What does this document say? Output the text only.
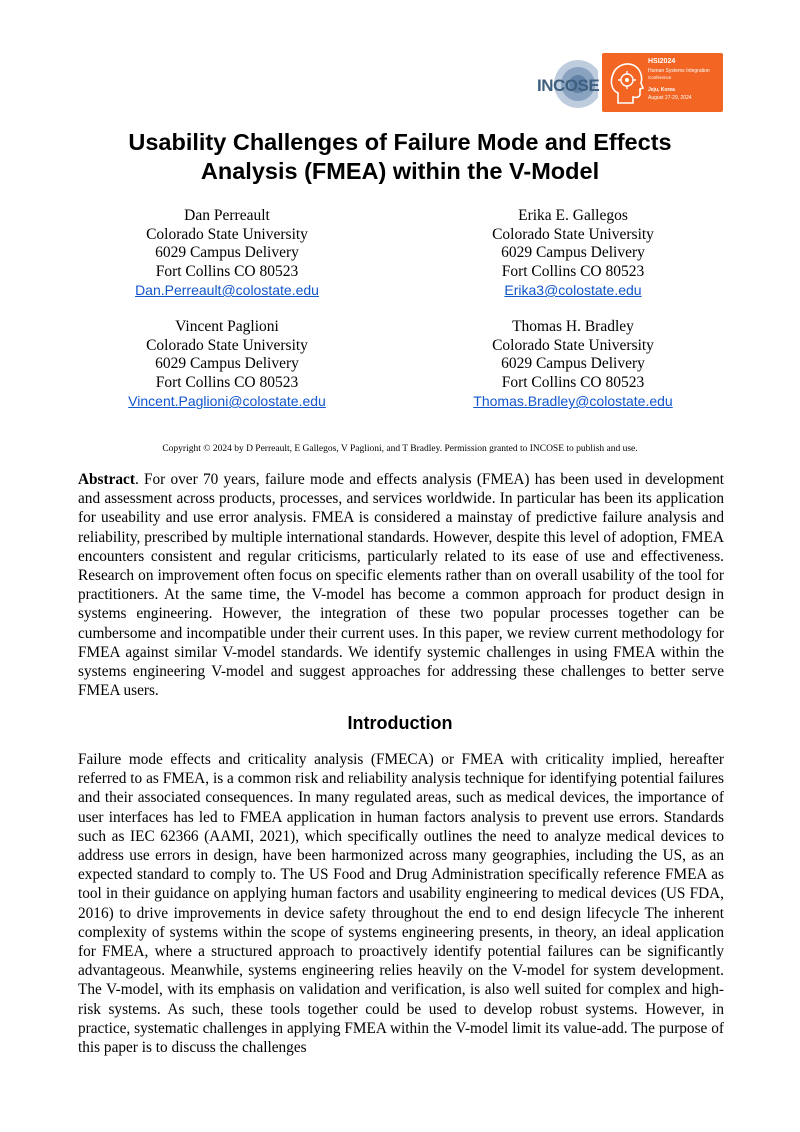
INCOSE
HSI2024
Human Systems Integration
Conference
Jeju, Korea
August 27-29, 2024
Usability Challenges of Failure Mode and Effects
Analysis (FMEA) within the V-Model
Dan Perreault
Colorado State University
6029 Campus Delivery
Fort Collins CO 80523
Dan.Perreault@colostate.edu
Erika E. Gallegos
Colorado State University
6029 Campus Delivery
Fort Collins CO 80523
Erika3@colostate.edu
Vincent Paglioni
Colorado State University
6029 Campus Delivery
Fort Collins CO 80523
Vincent.Paglioni@colostate.edu
Thomas H. Bradley
Colorado State University
6029 Campus Delivery
Fort Collins CO 80523
Thomas.Bradley@colostate.edu
Copyright © 2024 by D Perreault, E Gallegos, V Paglioni, and T Bradley. Permission granted to INCOSE to publish and use.
Abstract. For over 70 years, failure mode and effects analysis (FMEA) has been used in development and assessment across products, processes, and services worldwide. In particular has been its application for useability and use error analysis. FMEA is considered a mainstay of predictive failure analysis and reliability, prescribed by multiple international standards. However, despite this level of adoption, FMEA encounters consistent and regular criticisms, particularly related to its ease of use and effectiveness. Research on improvement often focus on specific elements rather than on overall usability of the tool for practitioners. At the same time, the V-model has become a common approach for product design in systems engineering. However, the integration of these two popular processes together can be cumbersome and incompatible under their current uses. In this paper, we review current methodology for FMEA against similar V-model standards. We identify systemic challenges in using FMEA within the systems engineering V-model and suggest approaches for addressing these challenges to better serve FMEA users.
Introduction
Failure mode effects and criticality analysis (FMECA) or FMEA with criticality implied, hereafter referred to as FMEA, is a common risk and reliability analysis technique for identifying potential failures and their associated consequences. In many regulated areas, such as medical devices, the importance of user interfaces has led to FMEA application in human factors analysis to prevent use errors. Standards such as IEC 62366 (AAMI, 2021), which specifically outlines the need to analyze medical devices to address use errors in design, have been harmonized across many geographies, including the US, as an expected standard to comply to. The US Food and Drug Administration specifically reference FMEA as tool in their guidance on applying human factors and usability engineering to medical devices (US FDA, 2016) to drive improvements in device safety throughout the end to end design lifecycle The inherent complexity of systems within the scope of systems engineering presents, in theory, an ideal application for FMEA, where a structured approach to proactively identify potential failures can be significantly advantageous. Meanwhile, systems engineering relies heavily on the V-model for system development. The V-model, with its emphasis on validation and verification, is also well suited for complex and high-risk systems. As such, these tools together could be used to develop robust systems. However, in practice, systematic challenges in applying FMEA within the V-model limit its value-add. The purpose of this paper is to discuss the challenges
